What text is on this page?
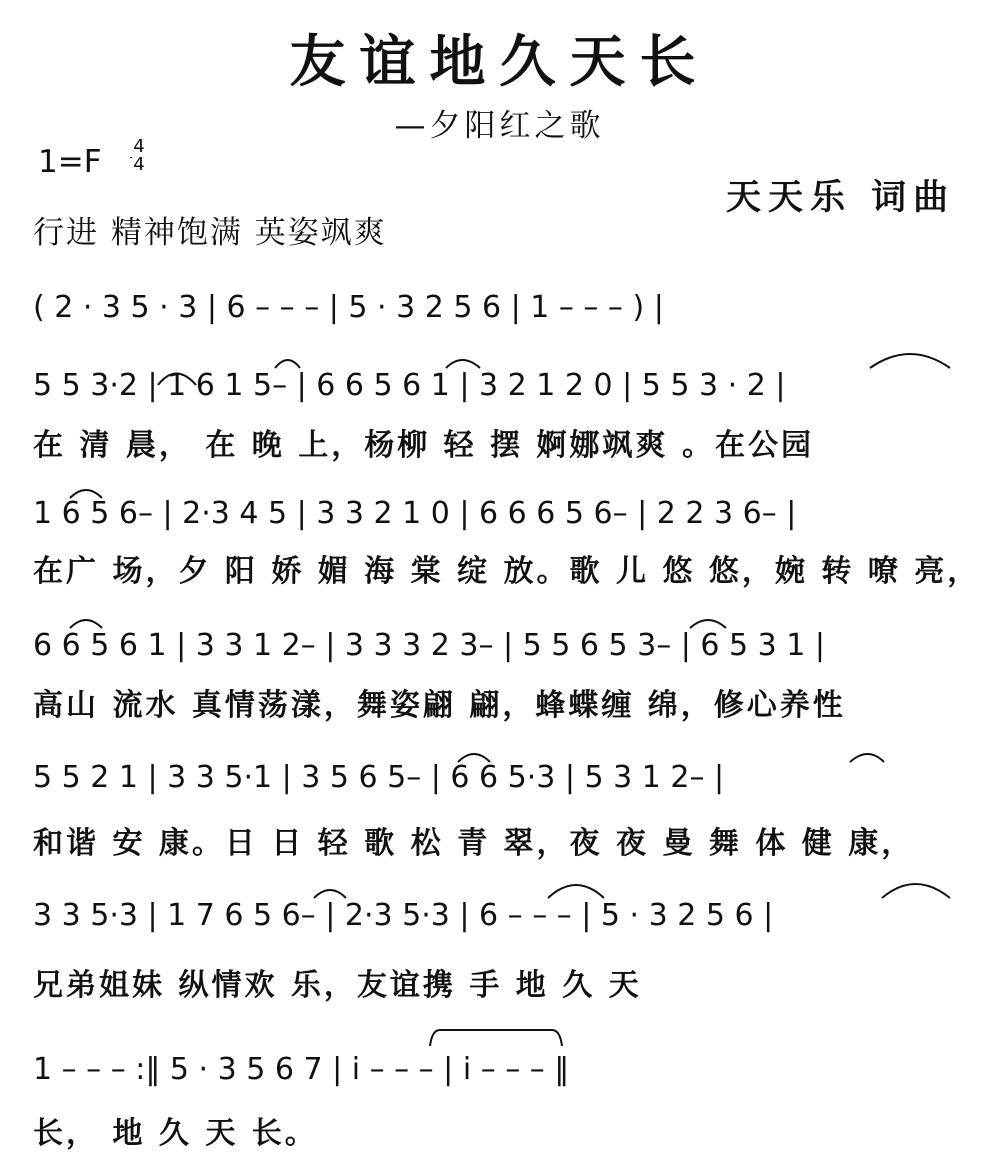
友谊地久天长
—夕阳红之歌
1=F 4
4
天天乐 词曲
行进 精神饱满 英姿飒爽
( 2 · 3 5 · 3 | 6 – – – | 5 · 3 2 5 6 | 1 – – – ) |
5 5 3·2 | 1 6 1 5– | 6 6 5 6 1 | 3 2 1 2 0 | 5 5 3 · 2 |
在 清 晨， 在 晚 上，杨柳 轻 摆 婀娜飒爽 。在公园
1 6 5 6– | 2·3 4 5 | 3 3 2 1 0 | 6 6 6 5 6– | 2 2 3 6– |
在广 场，夕 阳 娇 媚 海 棠 绽 放。歌 儿 悠 悠，婉 转 嘹 亮，
6 6 5 6 1 | 3 3 1 2– | 3 3 3 2 3– | 5 5 6 5 3– | 6 5 3 1 |
高山 流水 真情荡漾，舞姿翩 翩，蜂蝶缠 绵，修心养性
5 5 2 1 | 3 3 5·1 | 3 5 6 5– | 6 6 5·3 | 5 3 1 2– |
和谐 安 康。日 日 轻 歌 松 青 翠，夜 夜 曼 舞 体 健 康，
3 3 5·3 | 1 7 6 5 6– | 2·3 5·3 | 6 – – – | 5 · 3 2 5 6 |
兄弟姐妹 纵情欢 乐，友谊携 手 地 久 天
1 – – – :‖ 5 · 3 5 6 7 | i – – – | i – – – ‖
长， 地 久 天 长。
